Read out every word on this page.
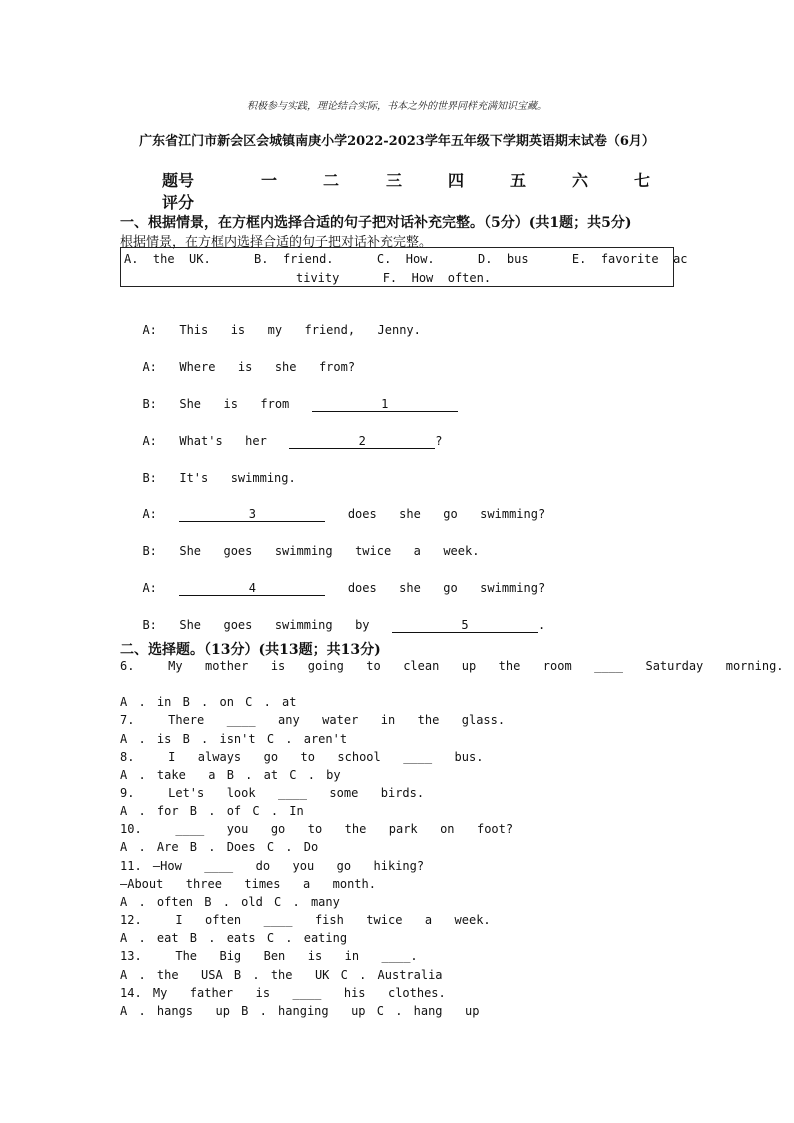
积极参与实践，理论结合实际，书本之外的世界同样充满知识宝藏。
广东省江门市新会区会城镇南庚小学2022-2023学年五年级下学期英语期末试卷（6月）
题号	一	二	三	四	五	六	七
评分
一、根据情景，在方框内选择合适的句子把对话补充完整。（5分）(共1题；共5分)
根据情景，在方框内选择合适的句子把对话补充完整。
A.  the  UK.      B.  friend.      C.  How.      D.  bus      E.  favorite  ac
tivity      F.  How  often.

A: This  is  my  friend,  Jenny.

A: Where  is  she  from?

B: She  is  from	1

A: What's  her	2	?

B: It's  swimming.

A:	3	does  she  go  swimming?

B: She  goes  swimming  twice  a  week.

A:	4	does  she  go  swimming?

B: She  goes  swimming  by	5	.

二、选择题。（13分）(共13题；共13分)
6.   My  mother  is  going  to  clean  up  the  room  ____  Saturday  morning.
A . in B . on C . at
7.   There  ____  any  water  in  the  glass.
A . is B . isn't C . aren't
8.   I  always  go  to  school  ____  bus.
A . take  a B . at C . by
9.   Let's  look  ____  some  birds.
A . for B . of C . In
10.   ____  you  go  to  the  park  on  foot?
A . Are B . Does C . Do
11. —How  ____  do  you  go  hiking?
—About  three  times  a  month.
A . often B . old C . many
12.   I  often  ____  fish  twice  a  week.
A . eat B . eats C . eating
13.   The  Big  Ben  is  in  ____.
A . the  USA B . the  UK C . Australia
14. My  father  is  ____  his  clothes.
A . hangs  up B . hanging  up C . hang  up
